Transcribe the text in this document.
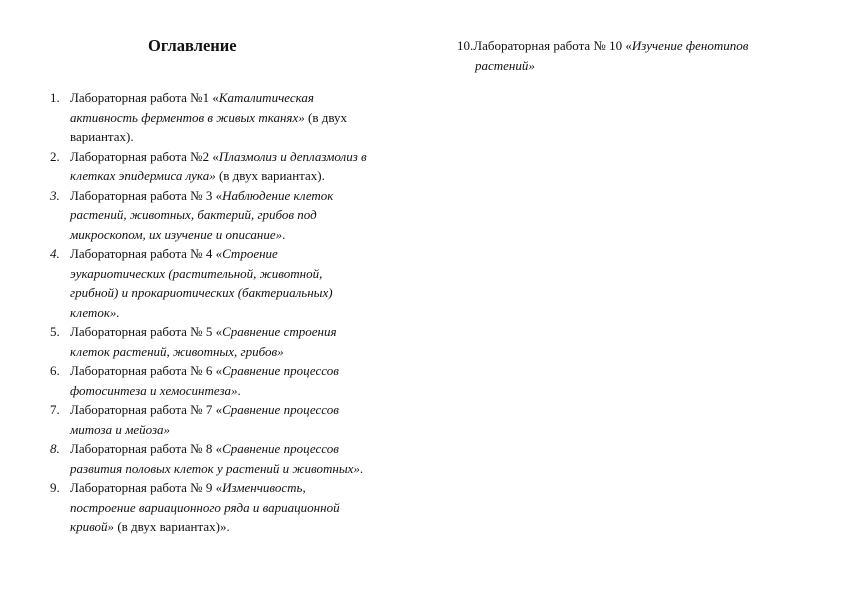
Оглавление
1. Лабораторная работа №1 «Каталитическая
активность ферментов в живых тканях» (в двух
вариантах).
2. Лабораторная работа №2 «Плазмолиз и деплазмолиз в
клетках эпидермиса лука» (в двух вариантах).
3. Лабораторная работа № 3 «Наблюдение клеток
растений, животных, бактерий, грибов под
микроскопом, их изучение и описание».
4. Лабораторная работа № 4 «Строение
эукариотических (растительной, животной,
грибной) и прокариотических (бактериальных)
клеток».
5. Лабораторная работа № 5 «Сравнение строения
клеток растений, животных, грибов»
6. Лабораторная работа № 6 «Сравнение процессов
фотосинтеза и хемосинтеза».
7. Лабораторная работа № 7 «Сравнение процессов
митоза и мейоза»
8. Лабораторная работа № 8 «Сравнение процессов
развития половых клеток у растений и животных».
9. Лабораторная работа № 9 «Изменчивость,
построение вариационного ряда и вариационной
кривой» (в двух вариантах)».
10.Лабораторная работа № 10 «Изучение фенотипов
растений»
